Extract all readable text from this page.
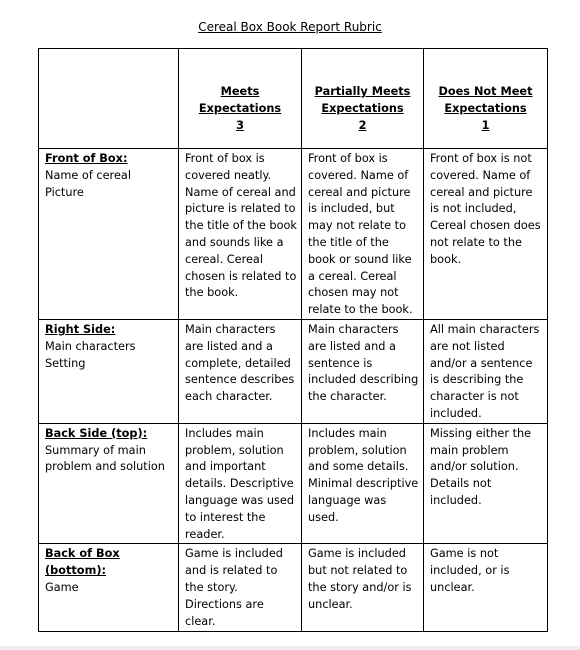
Cereal Box Book Report Rubric

	Meets
Expectations
3	Partially Meets
Expectations
2	Does Not Meet
Expectations
1

Front of Box:
Name of cereal Picture	Front of box is covered neatly. Name of cereal and picture is related to the title of the book and sounds like a cereal. Cereal chosen is related to the book.	Front of box is covered. Name of cereal and picture is included, but may not relate to the title of the book or sound like a cereal. Cereal chosen may not relate to the book.	Front of box is not covered. Name of cereal and picture is not included, Cereal chosen does not relate to the book.

Right Side:
Main characters Setting	Main characters are listed and a complete, detailed sentence describes each character.	Main characters are listed and a sentence is included describing the character.	All main characters are not listed and/or a sentence is describing the character is not included.

Back Side (top):
Summary of main problem and solution	Includes main problem, solution and important details. Descriptive language was used to interest the reader.	Includes main problem, solution and some details. Minimal descriptive language was used.	Missing either the main problem and/or solution. Details not included.

Back of Box (bottom):
Game	Game is included and is related to the story. Directions are clear.	Game is included but not related to the story and/or is unclear.	Game is not included, or is unclear.
